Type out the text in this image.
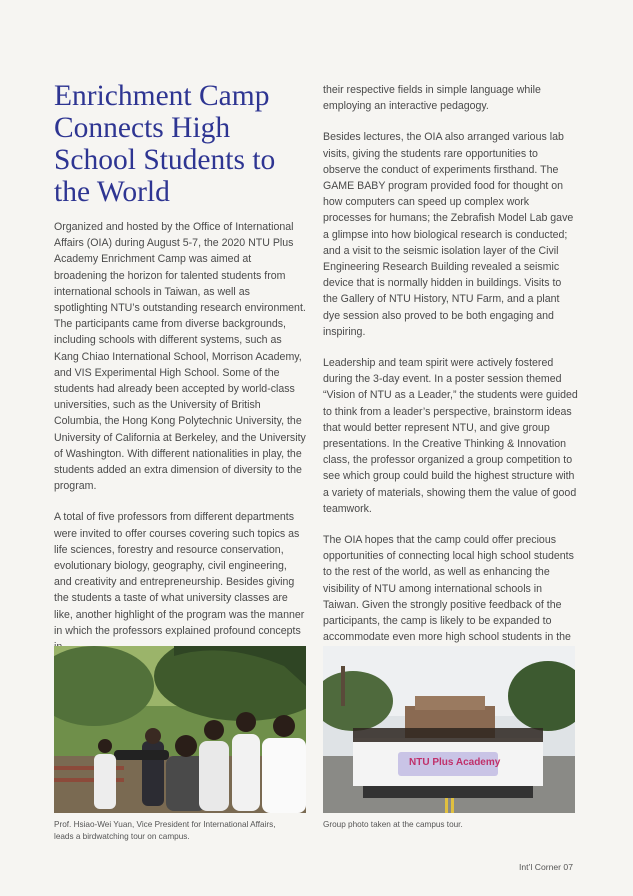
Enrichment Camp Connects High School Students to the World

Organized and hosted by the Office of International Affairs (OIA) during August 5-7, the 2020 NTU Plus Academy Enrichment Camp was aimed at broadening the horizon for talented students from international schools in Taiwan, as well as spotlighting NTU’s outstanding research environment. The participants came from diverse backgrounds, including schools with different systems, such as Kang Chiao International School, Morrison Academy, and VIS Experimental High School. Some of the students had already been accepted by world-class universities, such as the University of British Columbia, the Hong Kong Polytechnic University, the University of California at Berkeley, and the University of Washington. With different nationalities in play, the students added an extra dimension of diversity to the program.

A total of five professors from different departments were invited to offer courses covering such topics as life sciences, forestry and resource conservation, evolutionary biology, geography, civil engineering, and creativity and entrepreneurship. Besides giving the students a taste of what university classes are like, another highlight of the program was the manner in which the professors explained profound concepts

their respective fields in simple language while employing an interactive pedagogy.

Besides lectures, the OIA also arranged various lab visits, giving the students rare opportunities to observe the conduct of experiments firsthand. The GAME BABY program provided food for thought on how computers can speed up complex work processes for humans; the Zebrafish Model Lab gave a glimpse into how biological research is conducted; and a visit to the seismic isolation layer of the Civil Engineering Research Building revealed a seismic device that is normally hidden in buildings. Visits to the Gallery of NTU History, NTU Farm, and a plant dye session also proved to be both engaging and inspiring.

Leadership and team spirit were actively fostered during the 3-day event. In a poster session themed “Vision of NTU as a Leader,” the students were guided to think from a leader’s perspective, brainstorm ideas that would better represent NTU, and give group presentations. In the Creative Thinking & Innovation class, the professor organized a group competition to see which group could build the highest structure with a variety of materials, showing them the value of good teamwork.

The OIA hopes that the camp could offer precious opportunities of connecting local high school students to the rest of the world, as well as enhancing the visibility of NTU among international schools in Taiwan. Given the strongly positive feedback of the participants, the camp is likely to be expanded to accommodate even more high school students in the

NTU Plus Academy
Prof. Hsiao-Wei Yuan, Vice President for International Affairs, leads a birdwatching tour on campus.
Group photo taken at the campus tour.
Int’l Corner 07
